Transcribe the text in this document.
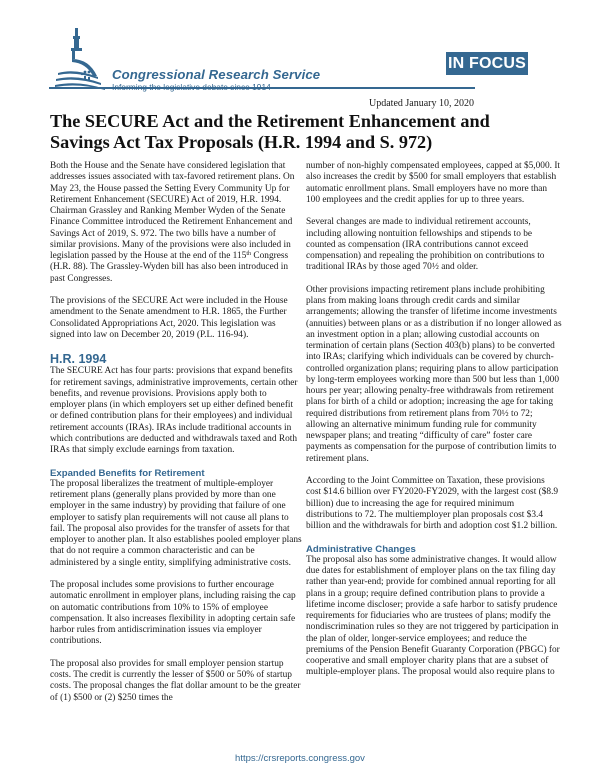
Congressional Research Service
IN FOCUS
Updated January 10, 2020
The SECURE Act and the Retirement Enhancement and Savings Act Tax Proposals (H.R. 1994 and S. 972)

Both the House and the Senate have considered legislation that addresses issues associated with tax-favored retirement plans. On May 23, the House passed the Setting Every Community Up for Retirement Enhancement (SECURE) Act of 2019, H.R. 1994. Chairman Grassley and Ranking Member Wyden of the Senate Finance Committee introduced the Retirement Enhancement and Savings Act of 2019, S. 972. The two bills have a number of similar provisions. Many of the provisions were also included in legislation passed by the House at the end of the 115th Congress (H.R. 88). The Grassley-Wyden bill has also been introduced in past Congresses.

The provisions of the SECURE Act were included in the House amendment to the Senate amendment to H.R. 1865, the Further Consolidated Appropriations Act, 2020. This legislation was signed into law on December 20, 2019 (P.L. 116-94).

H.R. 1994

The SECURE Act has four parts: provisions that expand benefits for retirement savings, administrative improvements, certain other benefits, and revenue provisions. Provisions apply both to employer plans (in which employers set up either defined benefit or defined contribution plans for their employees) and individual retirement accounts (IRAs). IRAs include traditional accounts in which contributions are deducted and withdrawals taxed and Roth IRAs that simply exclude earnings from taxation.

Expanded Benefits for Retirement

The proposal liberalizes the treatment of multiple-employer retirement plans (generally plans provided by more than one employer in the same industry) by providing that failure of one employer to satisfy plan requirements will not cause all plans to fail. The proposal also provides for the transfer of assets for that employer to another plan. It also establishes pooled employer plans that do not require a common characteristic and can be administered by a single entity, simplifying administrative costs.

The proposal includes some provisions to further encourage automatic enrollment in employer plans, including raising the cap on automatic contributions from 10% to 15% of employee compensation. It also increases flexibility in adopting certain safe harbor rules from antidiscrimination issues via employer contributions.

The proposal also provides for small employer pension startup costs. The credit is currently the lesser of $500 or 50% of startup costs. The proposal changes the flat dollar amount to be the greater of (1) $500 or (2) $250 times the

number of non-highly compensated employees, capped at $5,000. It also increases the credit by $500 for small employers that establish automatic enrollment plans. Small employers have no more than 100 employees and the credit applies for up to three years.

Several changes are made to individual retirement accounts, including allowing nontuition fellowships and stipends to be counted as compensation (IRA contributions cannot exceed compensation) and repealing the prohibition on contributions to traditional IRAs by those aged 70½ and older.

Other provisions impacting retirement plans include prohibiting plans from making loans through credit cards and similar arrangements; allowing the transfer of lifetime income investments (annuities) between plans or as a distribution if no longer allowed as an investment option in a plan; allowing custodial accounts on termination of certain plans (Section 403(b) plans) to be converted into IRAs; clarifying which individuals can be covered by church-controlled organization plans; requiring plans to allow participation by long-term employees working more than 500 but less than 1,000 hours per year; allowing penalty-free withdrawals from retirement plans for birth of a child or adoption; increasing the age for taking required distributions from retirement plans from 70½ to 72; allowing an alternative minimum funding rule for community newspaper plans; and treating “difficulty of care” foster care payments as compensation for the purpose of contribution limits to retirement plans.

According to the Joint Committee on Taxation, these provisions cost $14.6 billion over FY2020-FY2029, with the largest cost ($8.9 billion) due to increasing the age for required minimum distributions to 72. The multiemployer plan proposals cost $3.4 billion and the withdrawals for birth and adoption cost $1.2 billion.

Administrative Changes

The proposal also has some administrative changes. It would allow due dates for establishment of employer plans on the tax filing day rather than year-end; provide for combined annual reporting for all plans in a group; require defined contribution plans to provide a lifetime income discloser; provide a safe harbor to satisfy prudence requirements for fiduciaries who are trustees of plans; modify the nondiscrimination rules so they are not triggered by participation in the plan of older, longer-service employees; and reduce the premiums of the Pension Benefit Guaranty Corporation (PBGC) for cooperative and small employer charity plans that are a subset of multiple-employer plans. The proposal would also require plans to

https://crsreports.congress.gov
